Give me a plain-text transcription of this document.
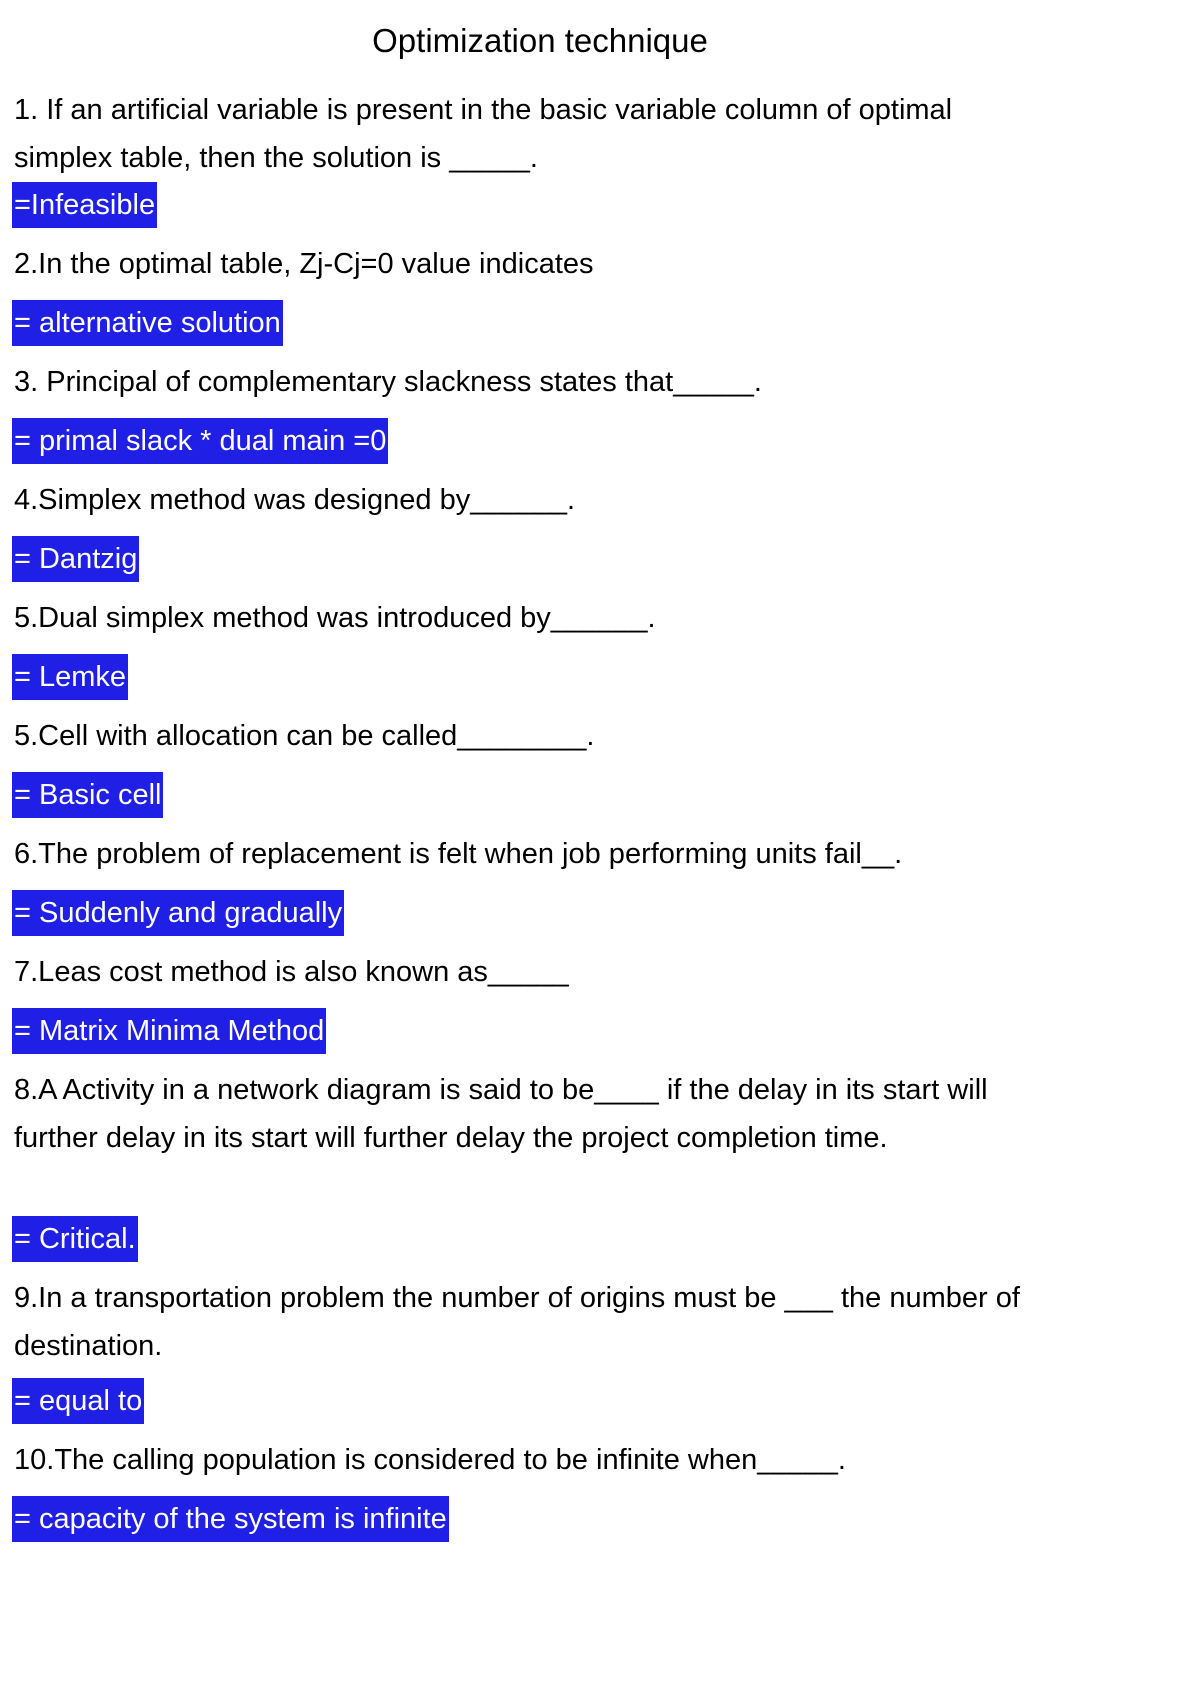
Optimization technique

1. If an artificial variable is present in the basic variable column of optimal simplex table, then the solution is _____.

=Infeasible

2.In the optimal table, Zj-Cj=0 value indicates

= alternative solution

3. Principal of complementary slackness states that_____.

= primal slack * dual main =0

4.Simplex method was designed by______.

= Dantzig

5.Dual simplex method was introduced by______.

= Lemke

5.Cell with allocation can be called________.

= Basic cell

6.The problem of replacement is felt when job performing units fail__.

= Suddenly and gradually

7.Leas cost method is also known as_____

= Matrix Minima Method

8.A Activity in a network diagram is said to be____ if the delay in its start will further delay in its start will further delay the project completion time.

= Critical.

9.In a transportation problem the number of origins must be ___ the number of destination.

= equal to

10.The calling population is considered to be infinite when_____.

= capacity of the system is infinite
